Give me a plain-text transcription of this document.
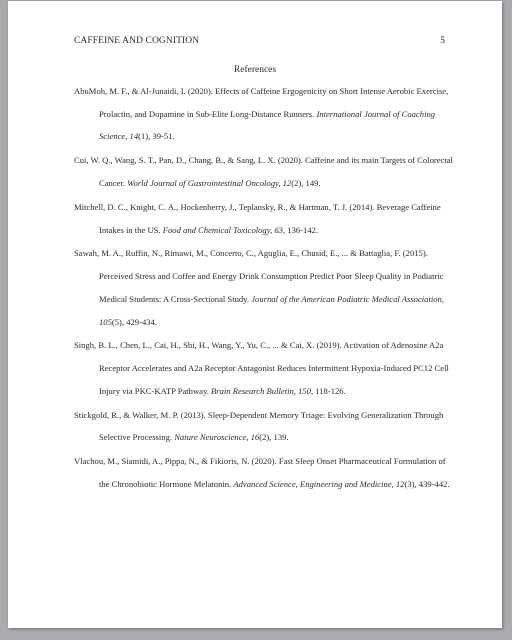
CAFFEINE AND COGNITION	5
References

AbuMoh, M. F., & Al-Junaidi, I. (2020). Effects of Caffeine Ergogenicity on Short Intense Aerobic Exercise, Prolactin, and Dopamine in Sub-Elite Long-Distance Runners. International Journal of Coaching Science, 14(1), 39-51.

Cui, W. Q., Wang, S. T., Pan, D., Chang, B., & Sang, L. X. (2020). Caffeine and its main Targets of Colorectal Cancer. World Journal of Gastrointestinal Oncology, 12(2), 149.

Mitchell, D. C., Knight, C. A., Hockenberry, J., Teplansky, R., & Hartman, T. J. (2014). Beverage Caffeine Intakes in the US. Food and Chemical Toxicology, 63, 136-142.

Sawah, M. A., Ruffin, N., Rimawi, M., Concerto, C., Aguglia, E., Chusid, E., ... & Battaglia, F. (2015). Perceived Stress and Coffee and Energy Drink Consumption Predict Poor Sleep Quality in Podiatric Medical Students: A Cross-Sectional Study. Journal of the American Podiatric Medical Association, 105(5), 429-434.

Singh, B. L., Chen, L., Cai, H., Shi, H., Wang, Y., Yu, C., ... & Cai, X. (2019). Activation of Adenosine A2a Receptor Accelerates and A2a Receptor Antagonist Reduces Intermittent Hypoxia-Induced PC12 Cell Injury via PKC-KATP Pathway. Brain Research Bulletin, 150, 118-126.

Stickgold, R., & Walker, M. P. (2013). Sleep-Dependent Memory Triage: Evolving Generalization Through Selective Processing. Nature Neuroscience, 16(2), 139.

Vlachou, M., Siamidi, A., Pippa, N., & Fikioris, N. (2020). Fast Sleep Onset Pharmaceutical Formulation of the Chronobiotic Hormone Melatonin. Advanced Science, Engineering and Medicine, 12(3), 439-442.
